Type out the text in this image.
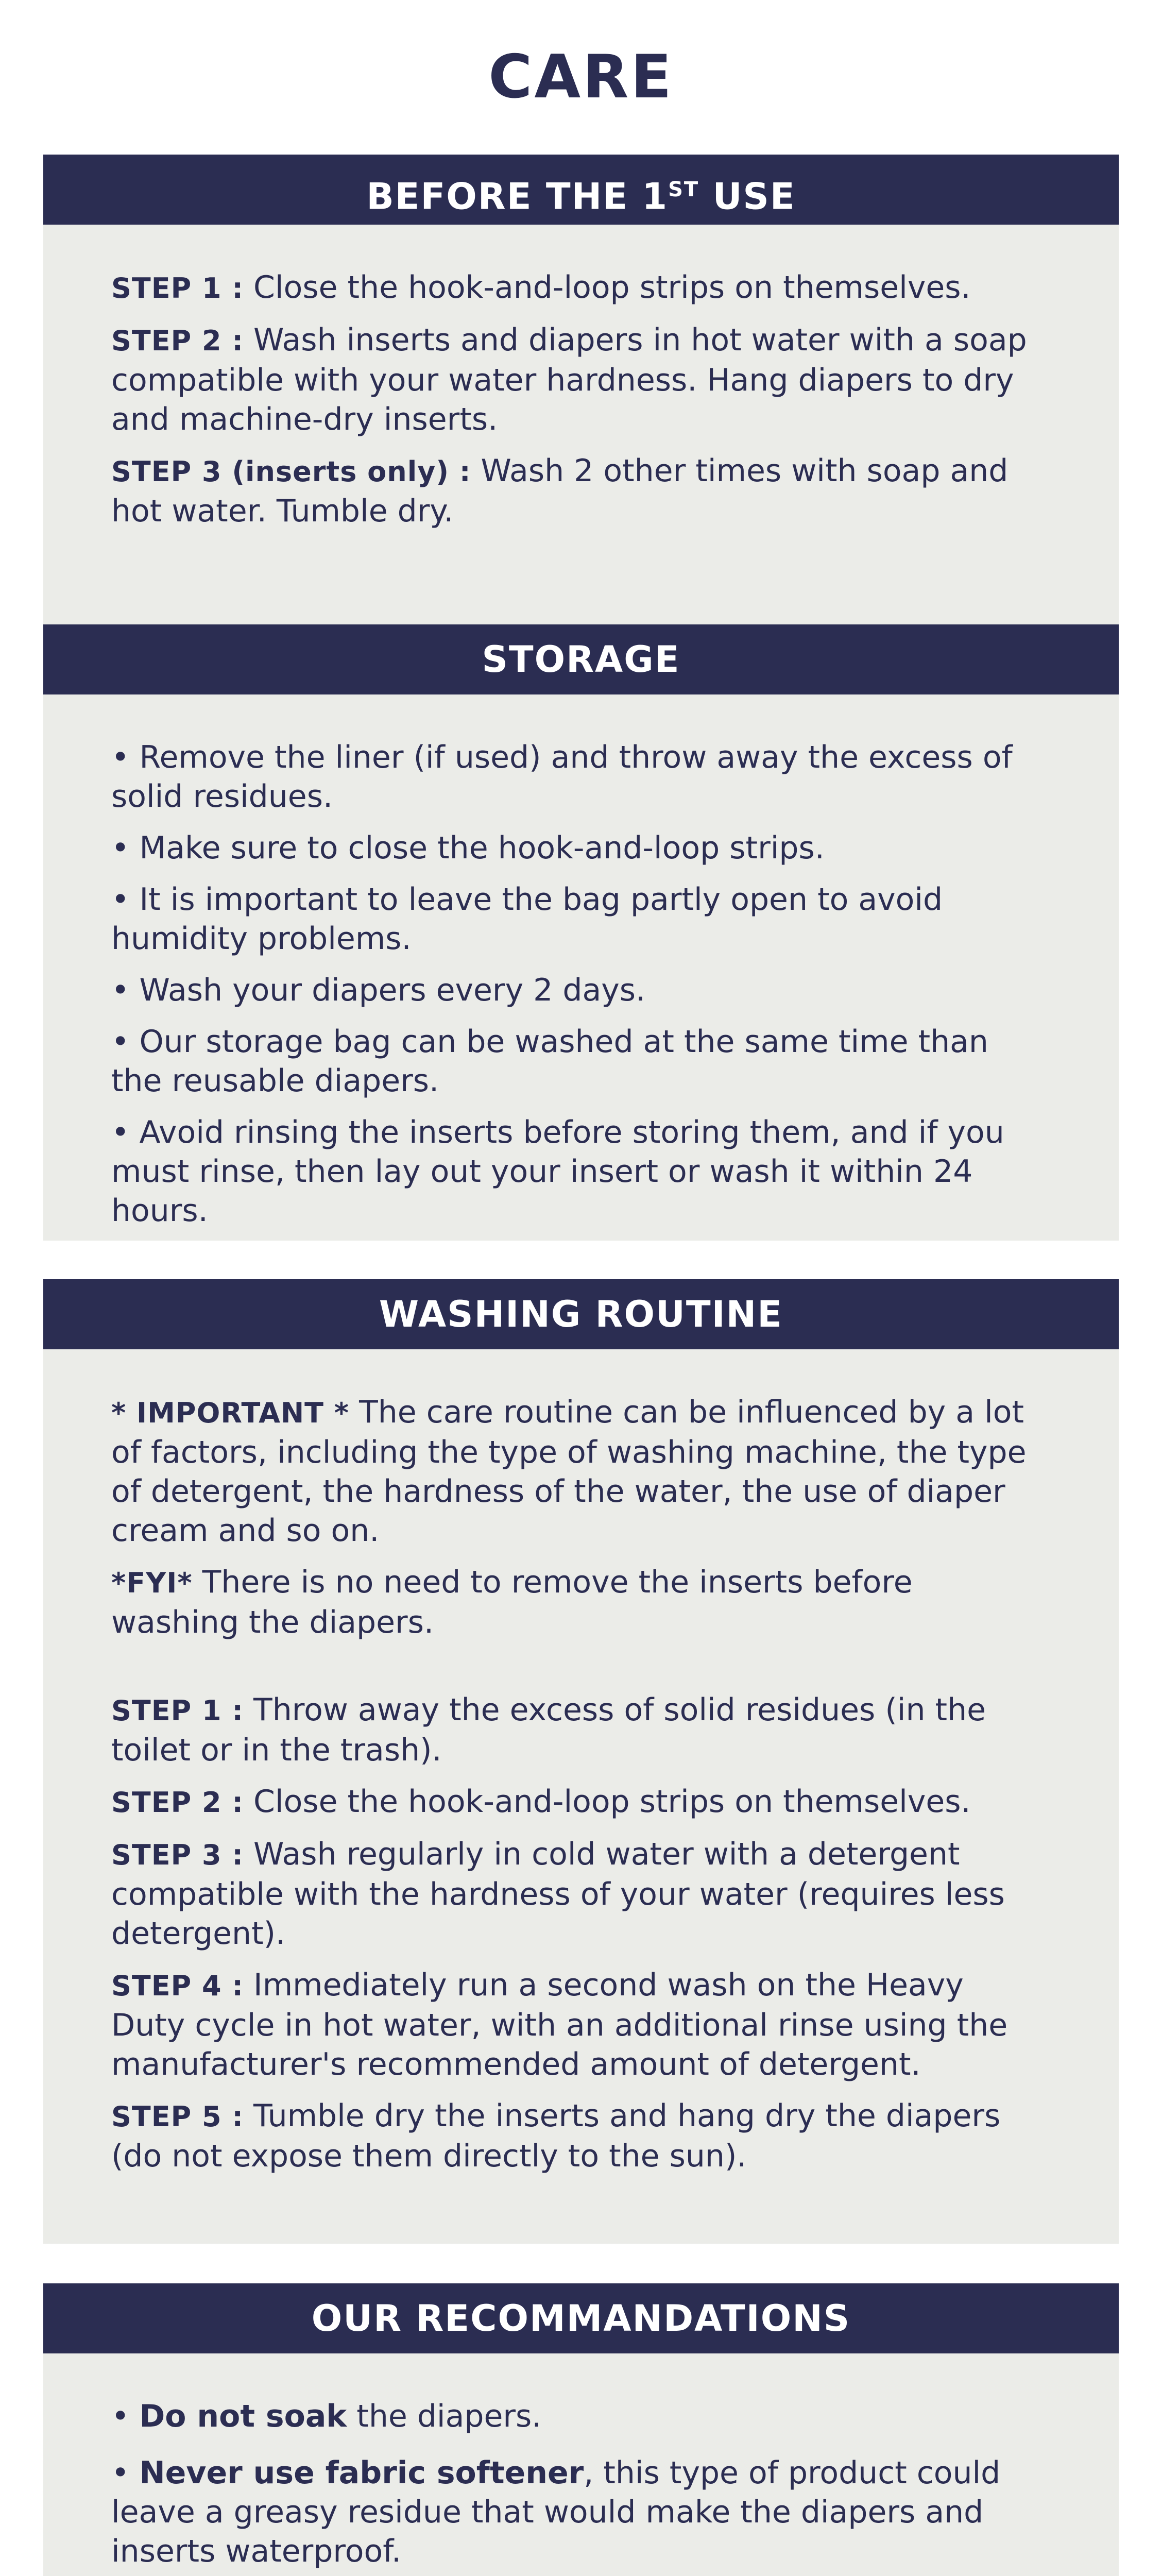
CARE
BEFORE THE 1ST USE

STEP 1 : Close the hook-and-loop strips on themselves.

STEP 2 : Wash inserts and diapers in hot water with a soap compatible with your water hardness. Hang diapers to dry and machine-dry inserts.

STEP 3 (inserts only) : Wash 2 other times with soap and hot water. Tumble dry.

STORAGE

• Remove the liner (if used) and throw away the excess of solid residues.

• Make sure to close the hook-and-loop strips.

• It is important to leave the bag partly open to avoid humidity problems.

• Wash your diapers every 2 days.

• Our storage bag can be washed at the same time than the reusable diapers.

• Avoid rinsing the inserts before storing them, and if you must rinse, then lay out your insert or wash it within 24 hours.

WASHING ROUTINE

* IMPORTANT * The care routine can be influenced by a lot of factors, including the type of washing machine, the type of detergent, the hardness of the water, the use of diaper cream and so on.

*FYI* There is no need to remove the inserts before washing the diapers.

STEP 1 : Throw away the excess of solid residues (in the toilet or in the trash).

STEP 2 : Close the hook-and-loop strips on themselves.

STEP 3 : Wash regularly in cold water with a detergent compatible with the hardness of your water (requires less detergent).

STEP 4 : Immediately run a second wash on the Heavy Duty cycle in hot water, with an additional rinse using the manufacturer's recommended amount of detergent.

STEP 5 : Tumble dry the inserts and hang dry the diapers (do not expose them directly to the sun).

OUR RECOMMANDATIONS

• Do not soak the diapers.

• Never use fabric softener, this type of product could leave a greasy residue that would make the diapers and inserts waterproof.
